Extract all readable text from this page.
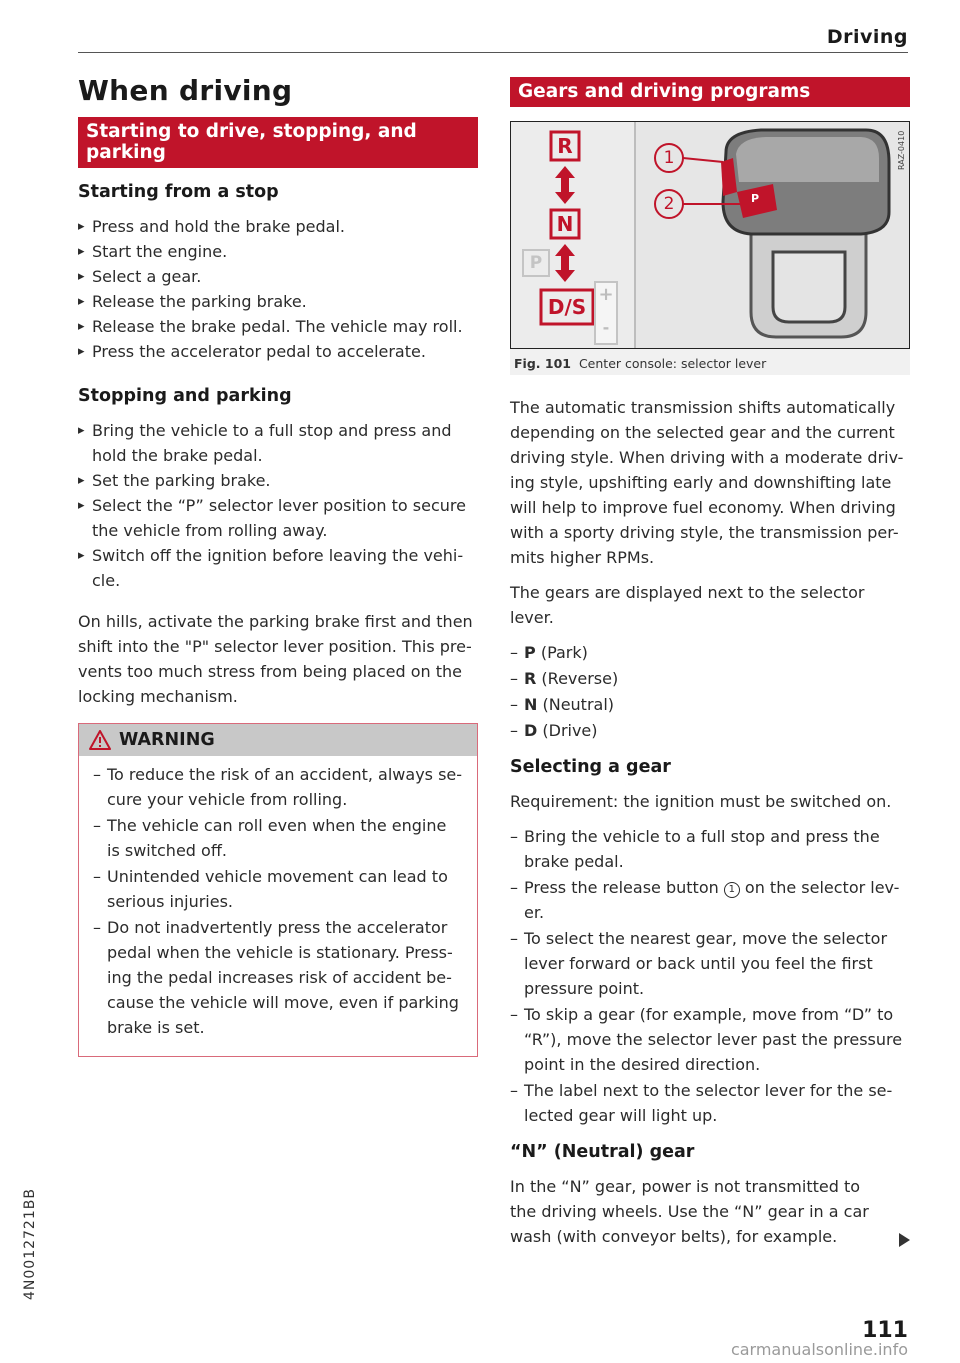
Driving
When driving
Starting to drive, stopping, and parking
Starting from a stop
▸ Press and hold the brake pedal.
▸ Start the engine.
▸ Select a gear.
▸ Release the parking brake.
▸ Release the brake pedal. The vehicle may roll.
▸ Press the accelerator pedal to accelerate.
Stopping and parking
▸ Bring the vehicle to a full stop and press and hold the brake pedal.
▸ Set the parking brake.
▸ Select the “P” selector lever position to secure the vehicle from rolling away.
▸ Switch off the ignition before leaving the vehi-cle.

On hills, activate the parking brake first and then shift into the "P" selector lever position. This pre-vents too much stress from being placed on the locking mechanism.

WARNING
– To reduce the risk of an accident, always se-cure your vehicle from rolling.
– The vehicle can roll even when the engine is switched off.
– Unintended vehicle movement can lead to serious injuries.
– Do not inadvertently press the accelerator pedal when the vehicle is stationary. Press-ing the pedal increases risk of accident be-cause the vehicle will move, even if parking brake is set.
Gears and driving programs
R
N
P
D/S
+
-
P
1
2
RAZ-0410
Fig. 101 Center console: selector lever

The automatic transmission shifts automatically depending on the selected gear and the current driving style. When driving with a moderate driv-ing style, upshifting early and downshifting late will help to improve fuel economy. When driving with a sporty driving style, the transmission per-mits higher RPMs.

The gears are displayed next to the selector lever.

– P (Park)
– R (Reverse)
– N (Neutral)
– D (Drive)
Selecting a gear

Requirement: the ignition must be switched on.

– Bring the vehicle to a full stop and press the brake pedal.
– Press the release button 1 on the selector lev-er.
– To select the nearest gear, move the selector lever forward or back until you feel the first pressure point.
– To skip a gear (for example, move from “D” to “R”), move the selector lever past the pressure point in the desired direction.
– The label next to the selector lever for the se-lected gear will light up.
“N” (Neutral) gear

In the “N” gear, power is not transmitted to the driving wheels. Use the “N” gear in a car wash (with conveyor belts), for example.

4N0012721BB
111
carmanualsonline.info
